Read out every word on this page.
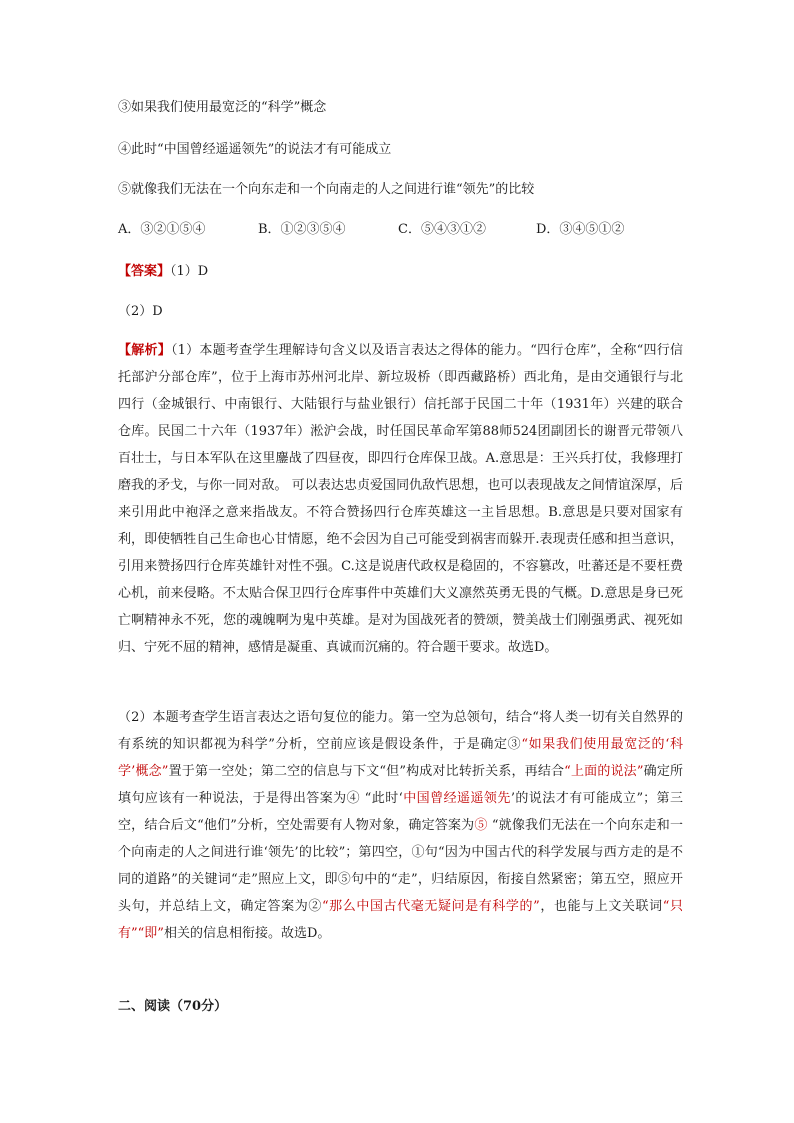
③如果我们使用最宽泛的“科学”概念
④此时“中国曾经遥遥领先”的说法才有可能成立
⑤就像我们无法在一个向东走和一个向南走的人之间进行谁“领先”的比较
A．③②①⑤④	B．①②③⑤④	C．⑤④③①②	D．③④⑤①②
【答案】（1）D
（2）D
【解析】（1）本题考查学生理解诗句含义以及语言表达之得体的能力。“四行仓库”，全称“四行信托部沪分部仓库”，位于上海市苏州河北岸、新垃圾桥（即西藏路桥）西北角，是由交通银行与北四行（金城银行、中南银行、大陆银行与盐业银行）信托部于民国二十年（1931年）兴建的联合仓库。民国二十六年（1937年）淞沪会战，时任国民革命军第88师524团副团长的谢晋元带领八百壮士，与日本军队在这里鏖战了四昼夜，即四行仓库保卫战。A.意思是：王兴兵打仗，我修理打磨我的矛戈，与你一同对敌。 可以表达忠贞爱国同仇敌忾思想，也可以表现战友之间情谊深厚，后来引用此中袍泽之意来指战友。不符合赞扬四行仓库英雄这一主旨思想。B.意思是只要对国家有利，即使牺牲自己生命也心甘情愿，绝不会因为自己可能受到祸害而躲开.表现责任感和担当意识，引用来赞扬四行仓库英雄针对性不强。C.这是说唐代政权是稳固的，不容篡改，吐蕃还是不要枉费心机，前来侵略。不太贴合保卫四行仓库事件中英雄们大义凛然英勇无畏的气概。D.意思是身已死亡啊精神永不死，您的魂魄啊为鬼中英雄。是对为国战死者的赞颂，赞美战士们刚强勇武、视死如归、宁死不屈的精神，感情是凝重、真诚而沉痛的。符合题干要求。故选D。
（2）本题考查学生语言表达之语句复位的能力。第一空为总领句，结合“将人类一切有关自然界的有系统的知识都视为科学”分析，空前应该是假设条件，于是确定③“如果我们使用最宽泛的‘科学’概念”置于第一空处；第二空的信息与下文“但”构成对比转折关系，再结合“上面的说法”确定所填句应该有一种说法，于是得出答案为④ “此时‘中国曾经遥遥领先’的说法才有可能成立”；第三空，结合后文“他们”分析，空处需要有人物对象，确定答案为⑤ “就像我们无法在一个向东走和一个向南走的人之间进行谁‘领先’的比较”；第四空，①句“因为中国古代的科学发展与西方走的是不同的道路”的关键词“走”照应上文，即⑤句中的“走”，归结原因，衔接自然紧密；第五空，照应开头句，并总结上文，确定答案为②“那么中国古代毫无疑问是有科学的”，也能与上文关联词“只有”“即”相关的信息相衔接。故选D。
二、阅读（70分）
